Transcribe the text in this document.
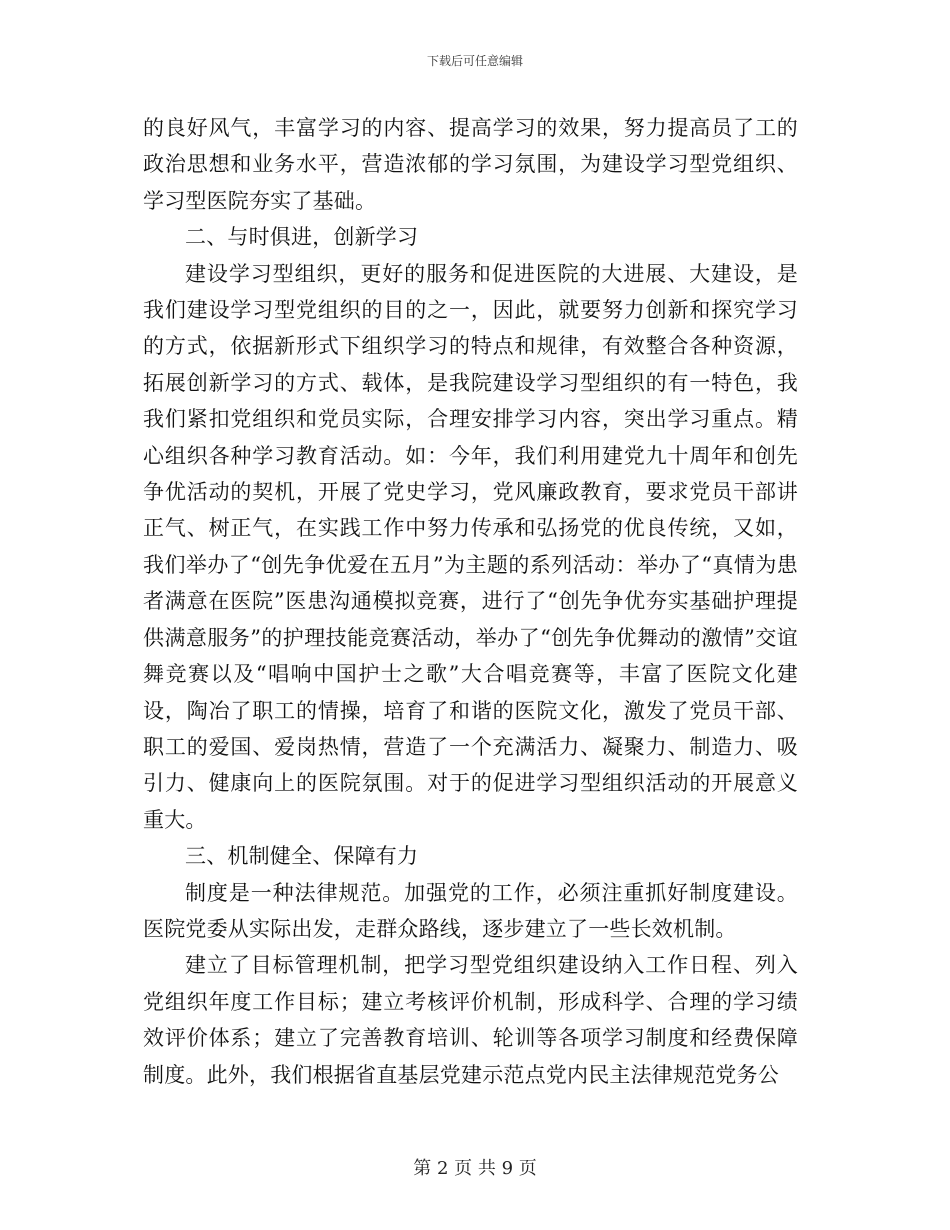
下载后可任意编辑

的良好风气，丰富学习的内容、提高学习的效果，努力提高员了工的政治思想和业务水平，营造浓郁的学习氛围，为建设学习型党组织、学习型医院夯实了基础。

二、与时俱进，创新学习

建设学习型组织，更好的服务和促进医院的大进展、大建设，是我们建设学习型党组织的目的之一，因此，就要努力创新和探究学习的方式，依据新形式下组织学习的特点和规律，有效整合各种资源，拓展创新学习的方式、载体，是我院建设学习型组织的有一特色，我我们紧扣党组织和党员实际，合理安排学习内容，突出学习重点。精心组织各种学习教育活动。如：今年，我们利用建党九十周年和创先争优活动的契机，开展了党史学习，党风廉政教育，要求党员干部讲正气、树正气，在实践工作中努力传承和弘扬党的优良传统，又如，我们举办了“创先争优爱在五月”为主题的系列活动：举办了“真情为患者满意在医院”医患沟通模拟竞赛，进行了“创先争优夯实基础护理提供满意服务”的护理技能竞赛活动，举办了“创先争优舞动的激情”交谊舞竞赛以及“唱响中国护士之歌”大合唱竞赛等，丰富了医院文化建设，陶冶了职工的情操，培育了和谐的医院文化，激发了党员干部、职工的爱国、爱岗热情，营造了一个充满活力、凝聚力、制造力、吸引力、健康向上的医院氛围。对于的促进学习型组织活动的开展意义重大。

三、机制健全、保障有力

制度是一种法律规范。加强党的工作，必须注重抓好制度建设。医院党委从实际出发，走群众路线，逐步建立了一些长效机制。

建立了目标管理机制，把学习型党组织建设纳入工作日程、列入党组织年度工作目标；建立考核评价机制，形成科学、合理的学习绩效评价体系；建立了完善教育培训、轮训等各项学习制度和经费保障制度。此外，我们根据省直基层党建示范点党内民主法律规范党务公

第 2 页 共 9 页
